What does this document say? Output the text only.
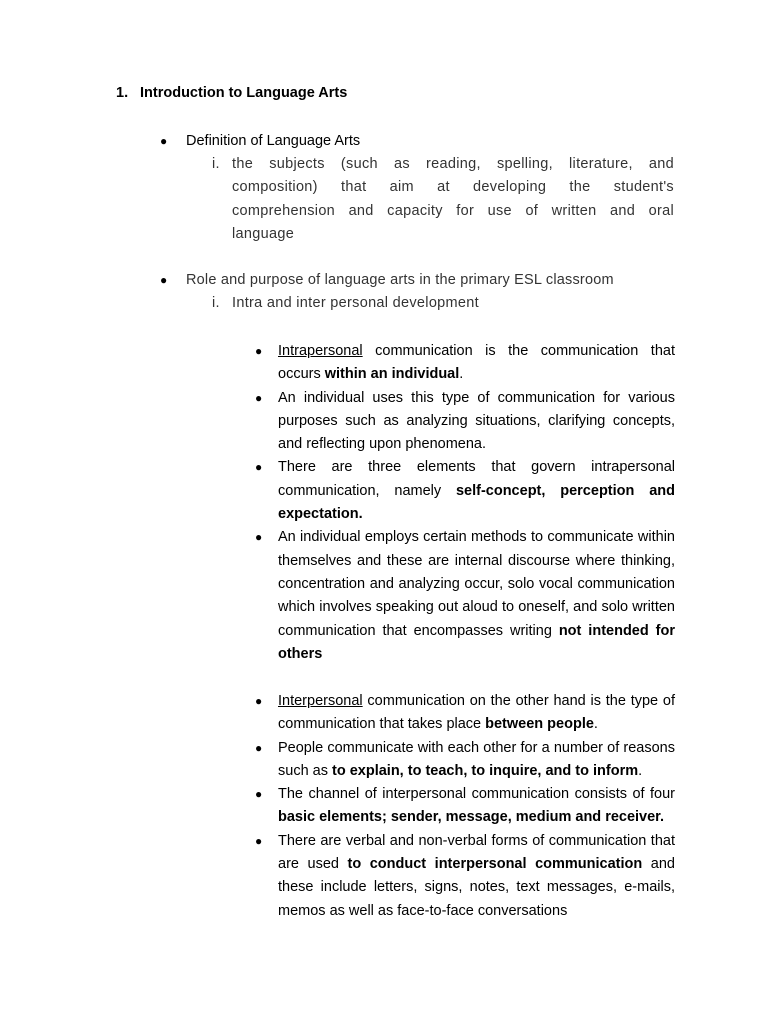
1. Introduction to Language Arts
● Definition of Language Arts
i. the subjects (such as reading, spelling, literature, and composition) that aim at developing the student's comprehension and capacity for use of written and oral language
● Role and purpose of language arts in the primary ESL classroom
i. Intra and inter personal development
● Intrapersonal communication is the communication that occurs within an individual.
● An individual uses this type of communication for various purposes such as analyzing situations, clarifying concepts, and reflecting upon phenomena.
● There are three elements that govern intrapersonal communication, namely self-concept, perception and expectation.
● An individual employs certain methods to communicate within themselves and these are internal discourse where thinking, concentration and analyzing occur, solo vocal communication which involves speaking out aloud to oneself, and solo written communication that encompasses writing not intended for others
● Interpersonal communication on the other hand is the type of communication that takes place between people.
● People communicate with each other for a number of reasons such as to explain, to teach, to inquire, and to inform.
● The channel of interpersonal communication consists of four basic elements; sender, message, medium and receiver.
● There are verbal and non-verbal forms of communication that are used to conduct interpersonal communication and these include letters, signs, notes, text messages, e-mails, memos as well as face-to-face conversations
